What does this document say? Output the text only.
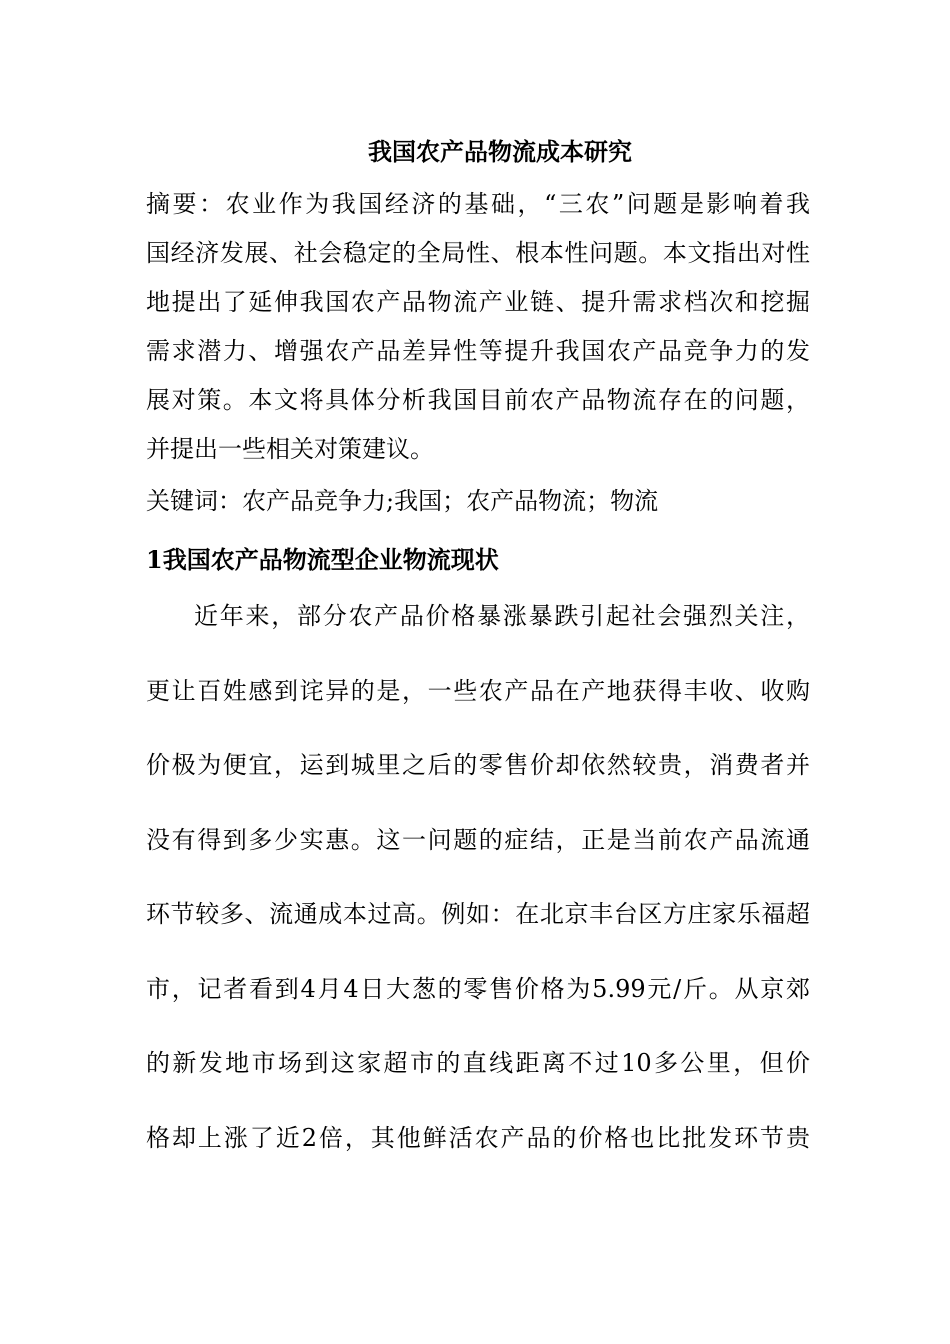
我国农产品物流成本研究
摘要：农业作为我国经济的基础，“三农”问题是影响着我
国经济发展、社会稳定的全局性、根本性问题。本文指出对性
地提出了延伸我国农产品物流产业链、提升需求档次和挖掘
需求潜力、增强农产品差异性等提升我国农产品竞争力的发
展对策。本文将具体分析我国目前农产品物流存在的问题，
并提出一些相关对策建议。
关键词：农产品竞争力;我国；农产品物流；物流
1我国农产品物流型企业物流现状
近年来，部分农产品价格暴涨暴跌引起社会强烈关注，
更让百姓感到诧异的是，一些农产品在产地获得丰收、收购
价极为便宜，运到城里之后的零售价却依然较贵，消费者并
没有得到多少实惠。这一问题的症结，正是当前农产品流通
环节较多、流通成本过高。例如：在北京丰台区方庄家乐福超
市，记者看到4月4日大葱的零售价格为5.99元/斤。从京郊
的新发地市场到这家超市的直线距离不过10多公里，但价
格却上涨了近2倍，其他鲜活农产品的价格也比批发环节贵
